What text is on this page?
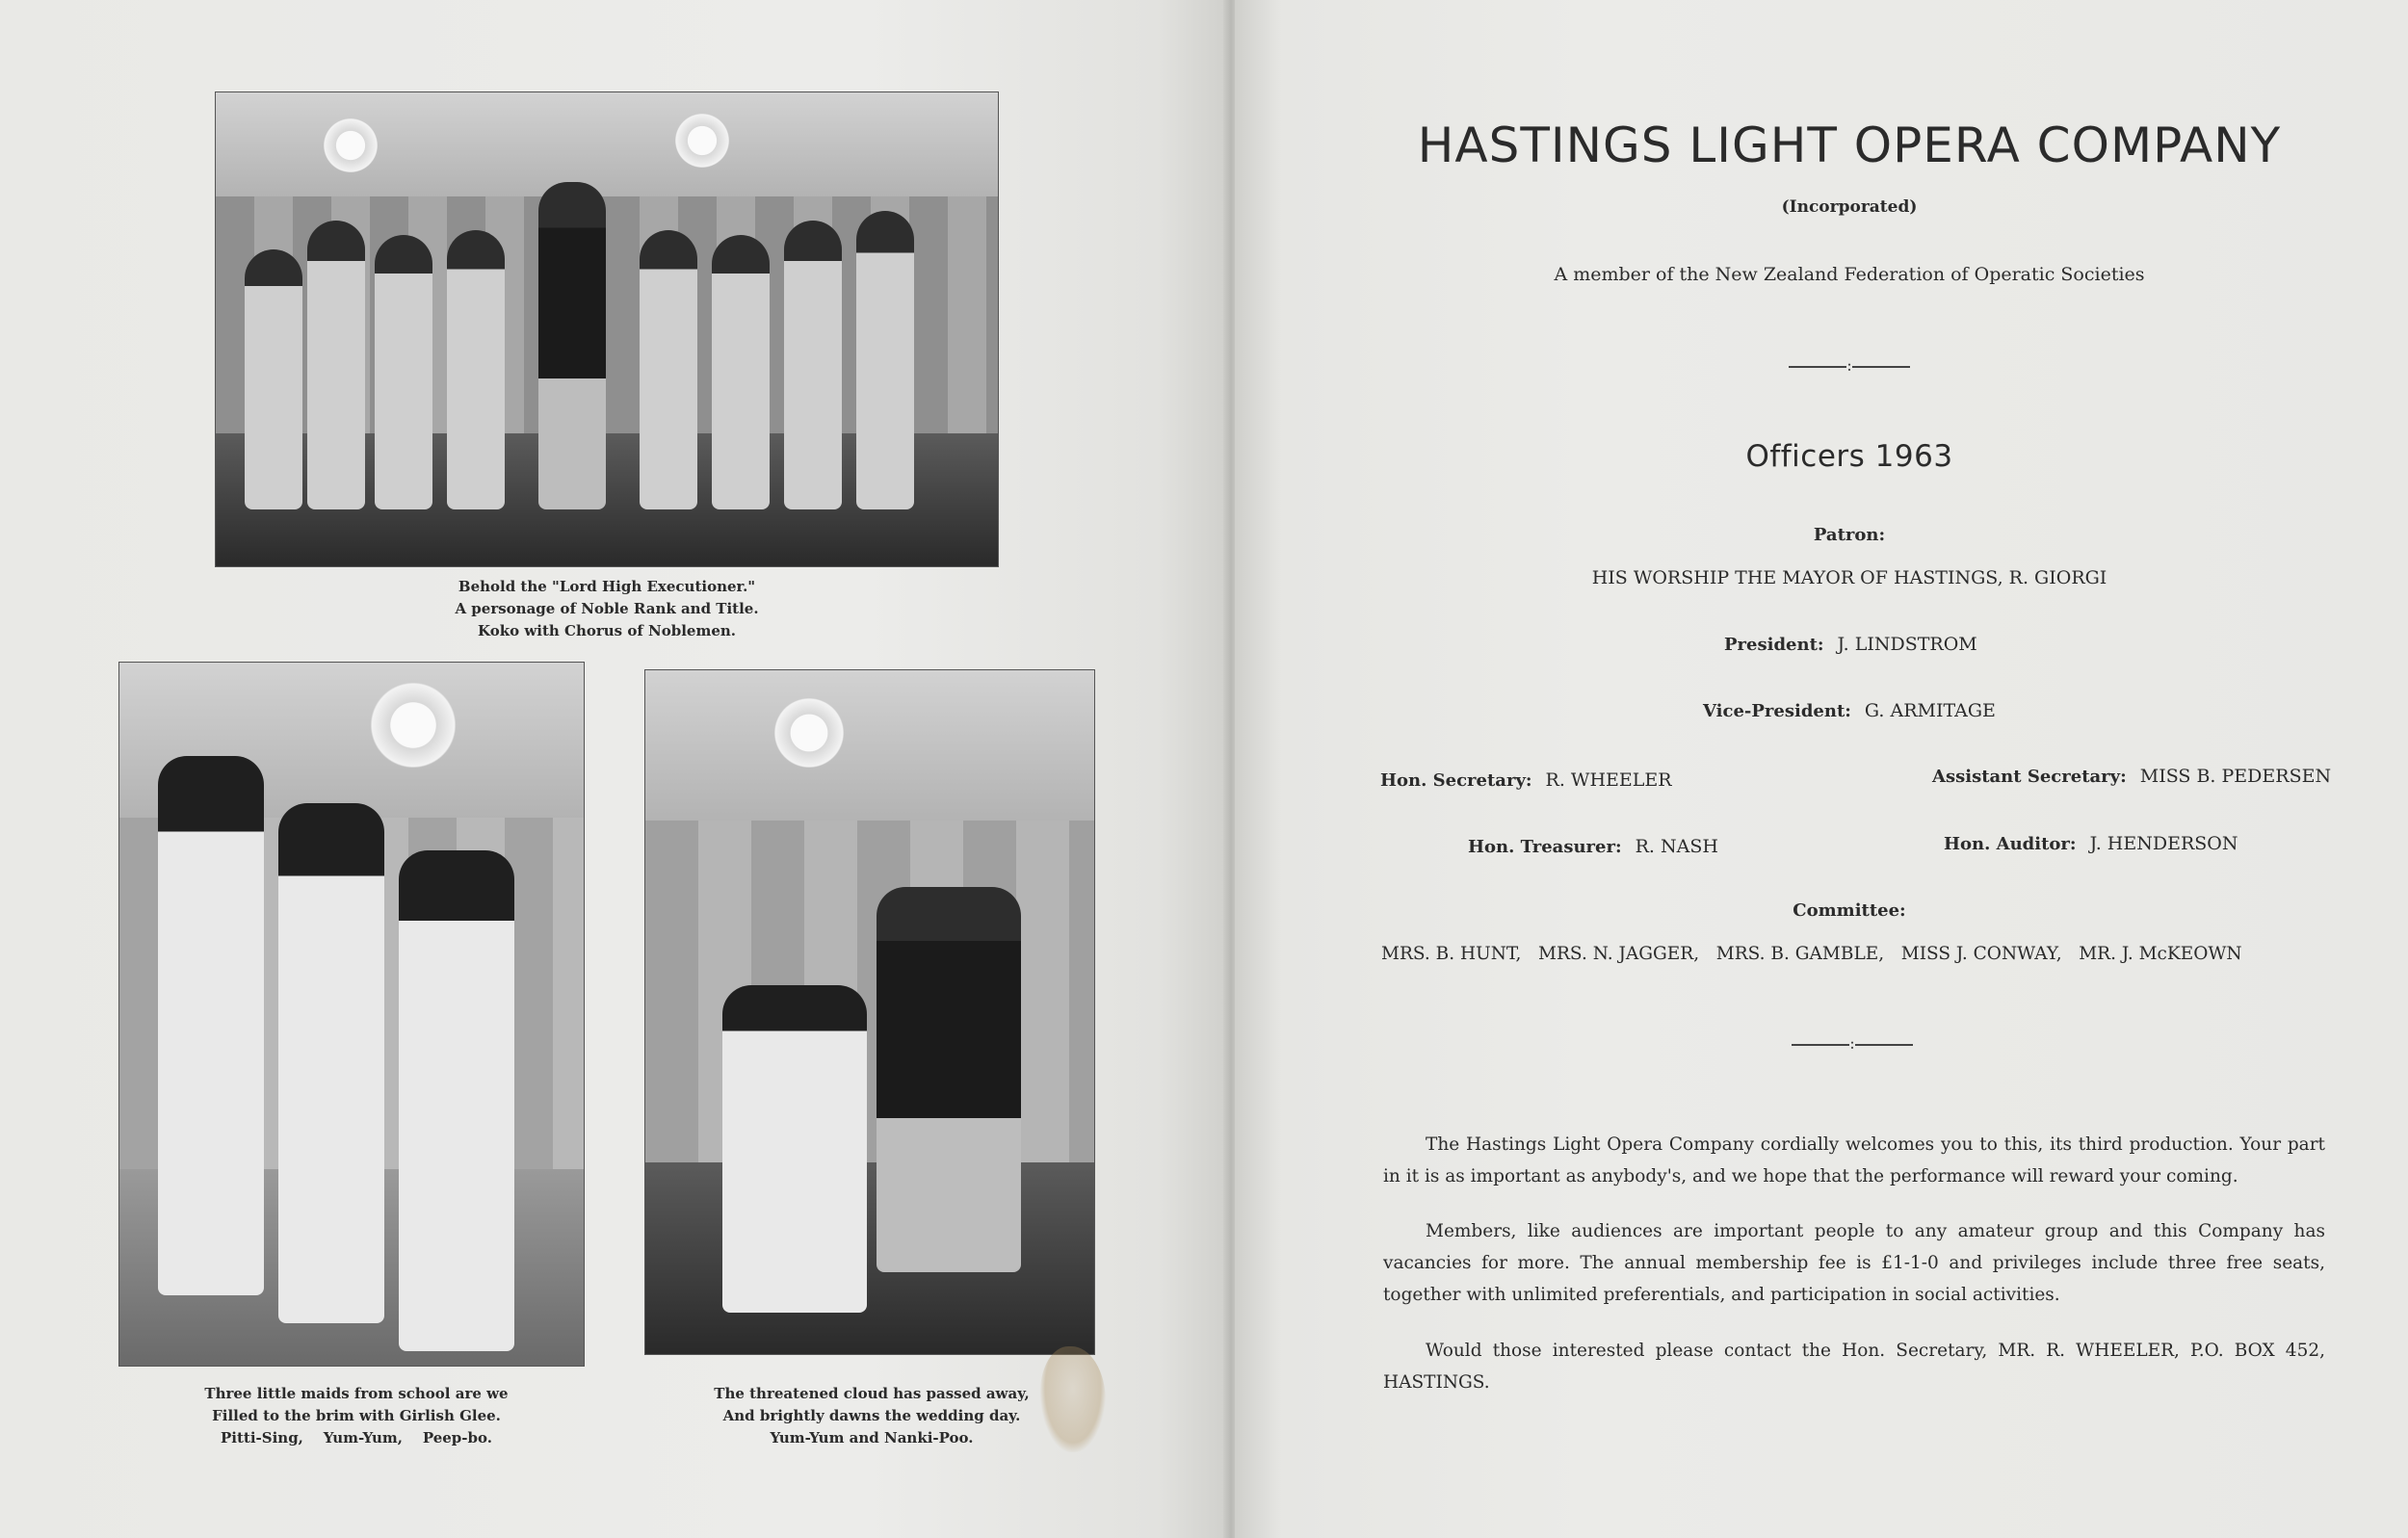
Behold the "Lord High Executioner."
A personage of Noble Rank and Title.
Koko with Chorus of Noblemen.
Three little maids from school are we
Filled to the brim with Girlish Glee.
Pitti-Sing,    Yum-Yum,    Peep-bo.
The threatened cloud has passed away,
And brightly dawns the wedding day.
Yum-Yum and Nanki-Poo.
HASTINGS LIGHT OPERA COMPANY
(Incorporated)
A member of the New Zealand Federation of Operatic Societies
:
Officers 1963
Patron:
HIS WORSHIP THE MAYOR OF HASTINGS, R. GIORGI
President: J. LINDSTROM
Vice-President: G. ARMITAGE
Hon. Secretary: R. WHEELER	Assistant Secretary: MISS B. PEDERSEN
Hon. Treasurer: R. NASH	Hon. Auditor: J. HENDERSON
Committee:
MRS. B. HUNT,   MRS. N. JAGGER,   MRS. B. GAMBLE,   MISS J. CONWAY,   MR. J. McKEOWN
:
The Hastings Light Opera Company cordially welcomes you to this, its third production. Your part in it is as important as anybody's, and we hope that the performance will reward your coming.
Members, like audiences are important people to any amateur group and this Company has vacancies for more. The annual membership fee is £1-1-0 and privileges include three free seats, together with unlimited preferentials, and participation in social activities.
Would those interested please contact the Hon. Secretary, MR. R. WHEELER, P.O. BOX 452, HASTINGS.
